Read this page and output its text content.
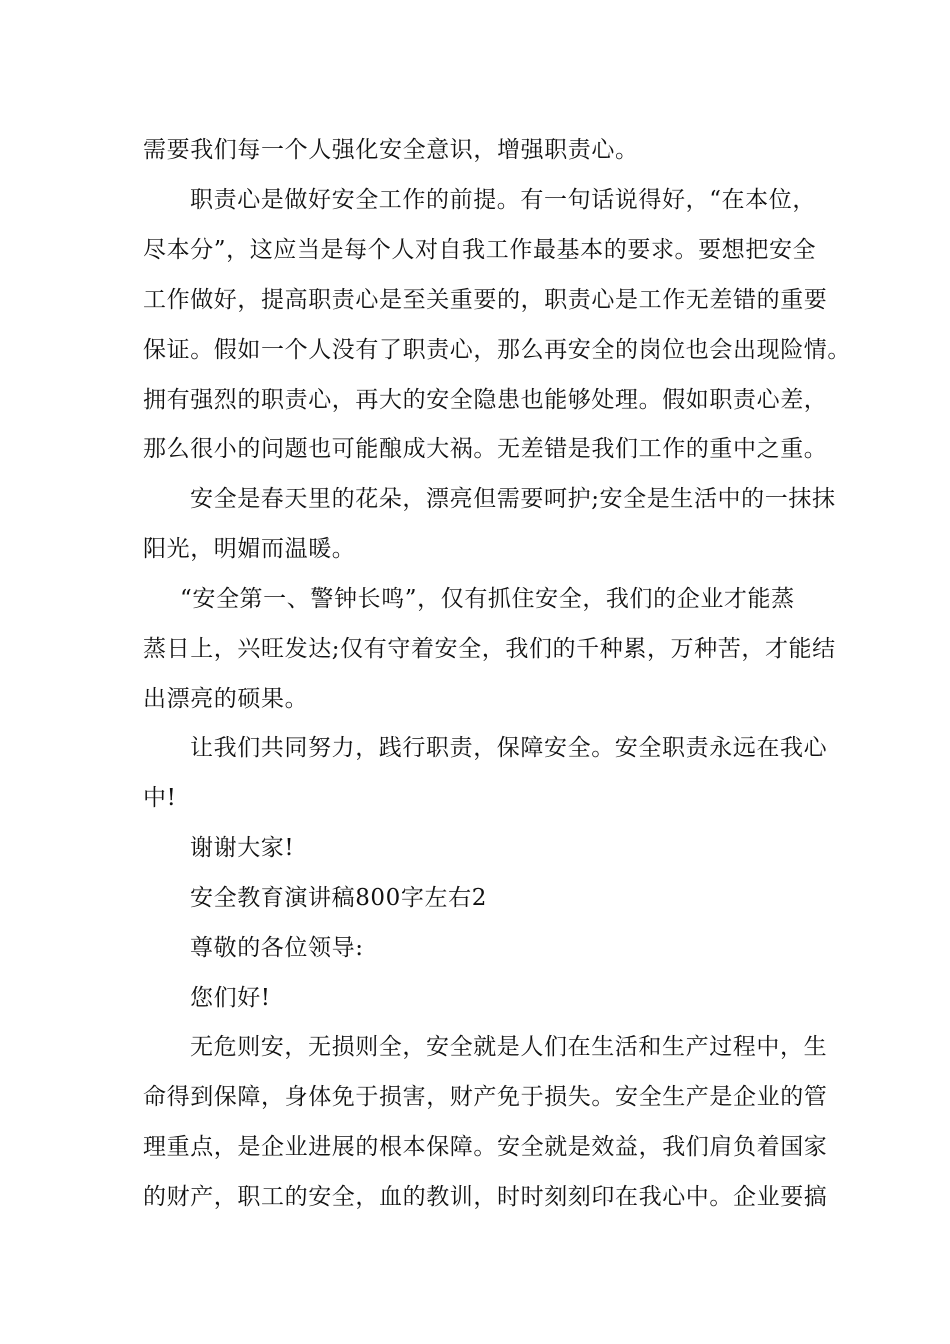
需要我们每一个人强化安全意识，增强职责心。
职责心是做好安全工作的前提。有一句话说得好，“在本位，
尽本分”，这应当是每个人对自我工作最基本的要求。要想把安全
工作做好，提高职责心是至关重要的，职责心是工作无差错的重要
保证。假如一个人没有了职责心，那么再安全的岗位也会出现险情。
拥有强烈的职责心，再大的安全隐患也能够处理。假如职责心差，
那么很小的问题也可能酿成大祸。无差错是我们工作的重中之重。
安全是春天里的花朵，漂亮但需要呵护;安全是生活中的一抹抹
阳光，明媚而温暖。
“安全第一、警钟长鸣”，仅有抓住安全，我们的企业才能蒸
蒸日上，兴旺发达;仅有守着安全，我们的千种累，万种苦，才能结
出漂亮的硕果。
让我们共同努力，践行职责，保障安全。安全职责永远在我心
中!
谢谢大家!
安全教育演讲稿800字左右2
尊敬的各位领导:
您们好!
无危则安，无损则全，安全就是人们在生活和生产过程中，生
命得到保障，身体免于损害，财产免于损失。安全生产是企业的管
理重点，是企业进展的根本保障。安全就是效益，我们肩负着国家
的财产，职工的安全，血的教训，时时刻刻印在我心中。企业要搞
